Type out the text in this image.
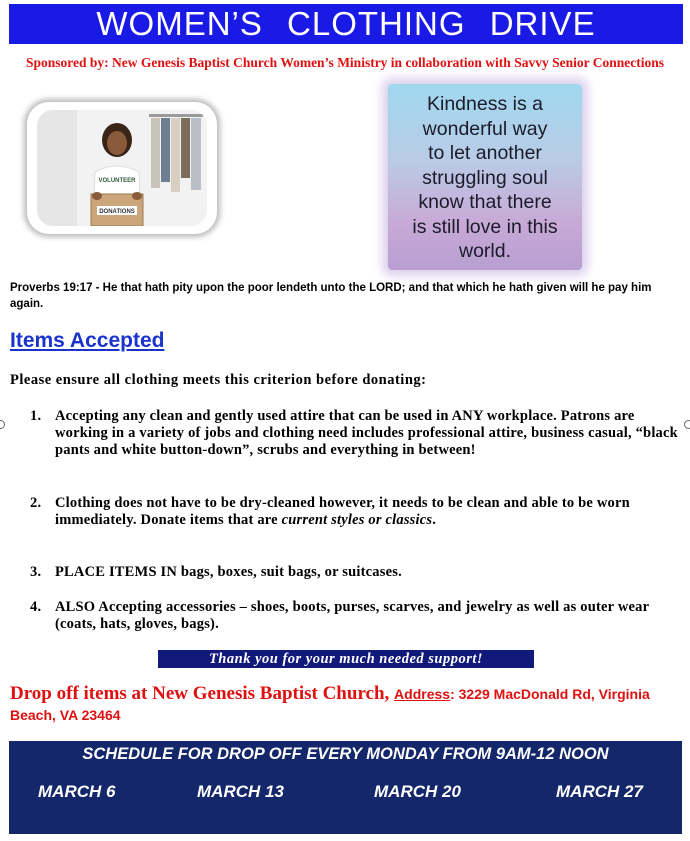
WOMEN’S CLOTHING DRIVE
Sponsored by: New Genesis Baptist Church Women’s Ministry in collaboration with Savvy Senior Connections
VOLUNTEER
DONATIONS
Kindness is a
wonderful way
to let another
struggling soul
know that there
is still love in this
world.
Proverbs 19:17 - He that hath pity upon the poor lendeth unto the LORD; and that which he hath given will he pay him again.
Items Accepted
Please ensure all clothing meets this criterion before donating:
1. Accepting any clean and gently used attire that can be used in ANY workplace. Patrons are working in a variety of jobs and clothing need includes professional attire, business casual, “black pants and white button-down”, scrubs and everything in between!
2. Clothing does not have to be dry-cleaned however, it needs to be clean and able to be worn immediately. Donate items that are current styles or classics.
3. PLACE ITEMS IN bags, boxes, suit bags, or suitcases.
4. ALSO Accepting accessories – shoes, boots, purses, scarves, and jewelry as well as outer wear (coats, hats, gloves, bags).
Thank you for your much needed support!
Drop off items at New Genesis Baptist Church, Address: 3229 MacDonald Rd, Virginia Beach, VA 23464
SCHEDULE FOR DROP OFF EVERY MONDAY FROM 9AM-12 NOON
MARCH 6	MARCH 13	MARCH 20	MARCH 27
